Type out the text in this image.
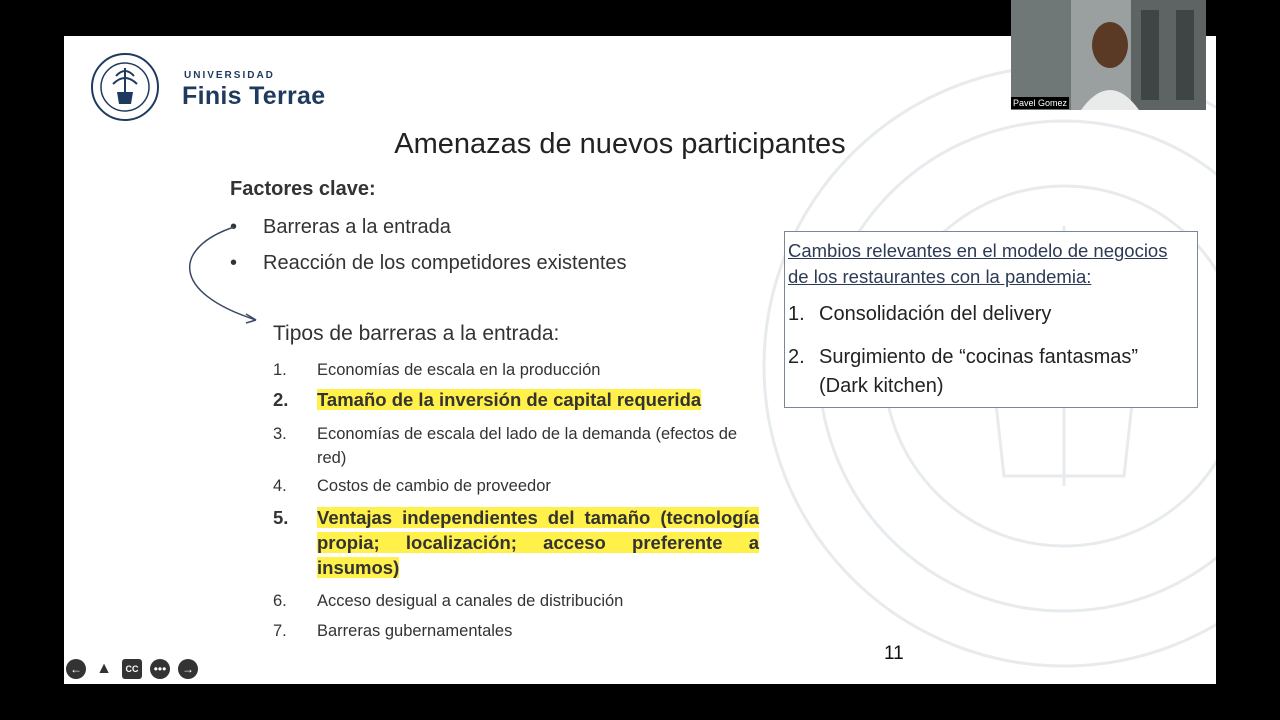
UNIVERSIDAD
Finis Terrae
Amenazas de nuevos participantes
Factores clave:
• Barreras a la entrada
• Reacción de los competidores existentes
Tipos de barreras a la entrada:
1.	Economías de escala en la producción
2.	Tamaño de la inversión de capital requerida
3.	Economías de escala del lado de la demanda (efectos de red)
4.	Costos de cambio de proveedor
5.	Ventajas independientes del tamaño (tecnología propia; localización; acceso preferente a insumos)
6.	Acceso desigual a canales de distribución
7.	Barreras gubernamentales
Cambios relevantes en el modelo de negocios de los restaurantes con la pandemia:
1. Consolidación del delivery
2. Surgimiento de “cocinas fantasmas” (Dark kitchen)
11
← ▲	CC	•••	→
Pavel Gomez
